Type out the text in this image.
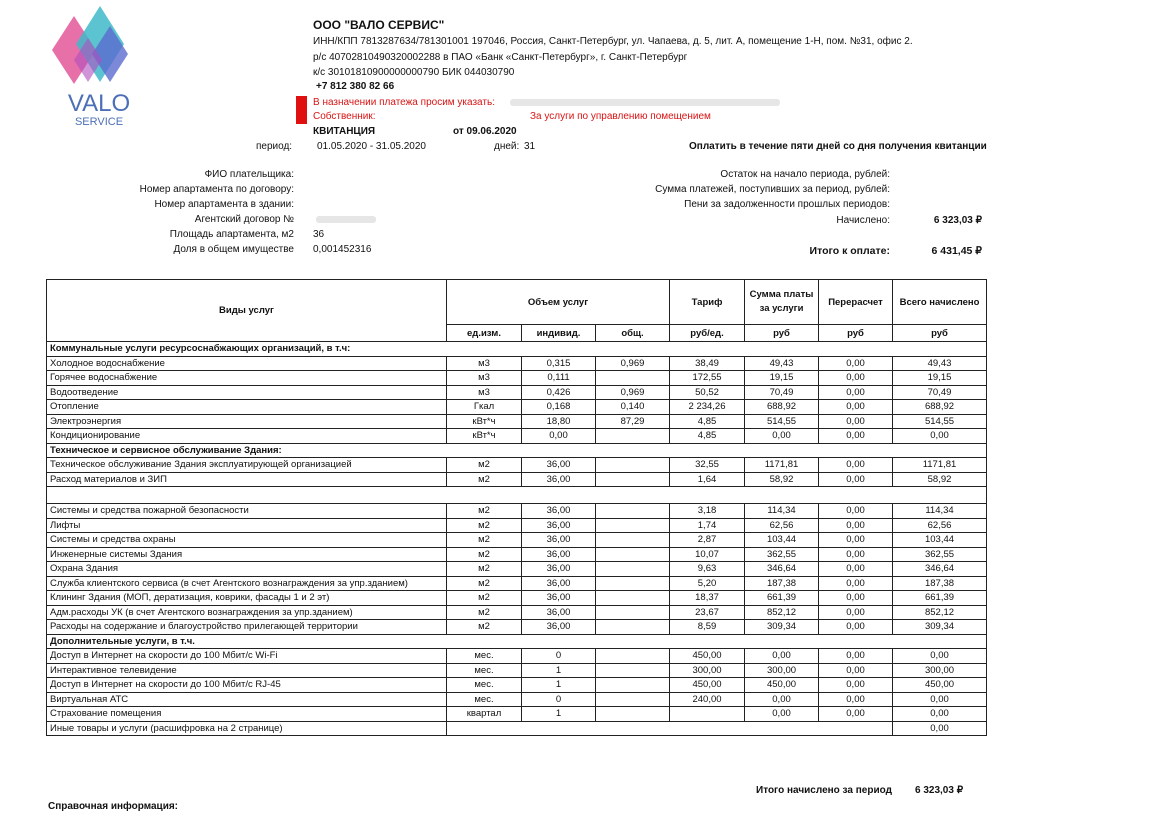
VALO
SERVICE
ООО "ВАЛО СЕРВИС"
ИНН/КПП 7813287634/781301001 197046, Россия, Санкт-Петербург, ул. Чапаева, д. 5, лит. А, помещение 1-Н, пом. №31, офис 2.
р/с 40702810490320002288 в ПАО «Банк «Санкт-Петербург», г. Санкт-Петербург
к/с 30101810900000000790 БИК 044030790
+7 812 380 82 66
В назначении платежа просим указать:
Собственник:	За услуги по управлению помещением
КВИТАНЦИЯ	от 09.06.2020
период: 01.05.2020 - 31.05.2020	дней: 31	Оплатить в течение пяти дней со дня получения квитанции
ФИО плательщика:
Номер апартамента по договору:
Номер апартамента в здании:
Агентский договор №
Площадь апартамента, м2 36
Доля в общем имуществе 0,001452316
Остаток на начало периода, рублей:
Сумма платежей, поступивших за период, рублей:
Пени за задолженности прошлых периодов:
Начислено:	6 323,03 ₽
Итого к оплате:	6 431,45 ₽
Виды услуг	Объем услуг			Тариф	Сумма платы за услуги	Перерасчет	Всего начислено
	ед.изм.	индивид.	общ.	руб/ед.	руб	руб	руб
Коммунальные услуги ресурсоснабжающих организаций, в т.ч:							
Холодное водоснабжение	м3	0,315	0,969	38,49	49,43	0,00	49,43
Горячее водоснабжение	м3	0,111		172,55	19,15	0,00	19,15
Водоотведение	м3	0,426	0,969	50,52	70,49	0,00	70,49
Отопление	Гкал	0,168	0,140	2 234,26	688,92	0,00	688,92
Электроэнергия	кВт*ч	18,80	87,29	4,85	514,55	0,00	514,55
Кондиционирование	кВт*ч	0,00		4,85	0,00	0,00	0,00
Техническое и сервисное обслуживание Здания:							
Техническое обслуживание Здания эксплуатирующей организацией	м2	36,00		32,55	1171,81	0,00	1171,81
Расход материалов и ЗИП	м2	36,00		1,64	58,92	0,00	58,92

Системы и средства пожарной безопасности	м2	36,00		3,18	114,34	0,00	114,34
Лифты	м2	36,00		1,74	62,56	0,00	62,56
Системы и средства охраны	м2	36,00		2,87	103,44	0,00	103,44
Инженерные системы Здания	м2	36,00		10,07	362,55	0,00	362,55
Охрана Здания	м2	36,00		9,63	346,64	0,00	346,64
Служба клиентского сервиса (в счет Агентского вознаграждения за упр.зданием)	м2	36,00		5,20	187,38	0,00	187,38
Клининг Здания (МОП, дератизация, коврики, фасады 1 и 2 эт)	м2	36,00		18,37	661,39	0,00	661,39
Адм.расходы УК (в счет Агентского вознаграждения за упр.зданием)	м2	36,00		23,67	852,12	0,00	852,12
Расходы на содержание и благоустройство прилегающей территории	м2	36,00		8,59	309,34	0,00	309,34
Дополнительные услуги, в т.ч.							
Доступ в Интернет на скорости до 100 Мбит/с Wi-Fi	мес.	0		450,00	0,00	0,00	0,00
Интерактивное телевидение	мес.	1		300,00	300,00	0,00	300,00
Доступ в Интернет на скорости до 100 Мбит/с RJ-45	мес.	1		450,00	450,00	0,00	450,00
Виртуальная АТС	мес.	0		240,00	0,00	0,00	0,00
Страхование помещения	квартал	1			0,00	0,00	0,00
Иные товары и услуги (расшифровка на 2 странице)							0,00
Итого начислено за период 6 323,03 ₽
Справочная информация:
